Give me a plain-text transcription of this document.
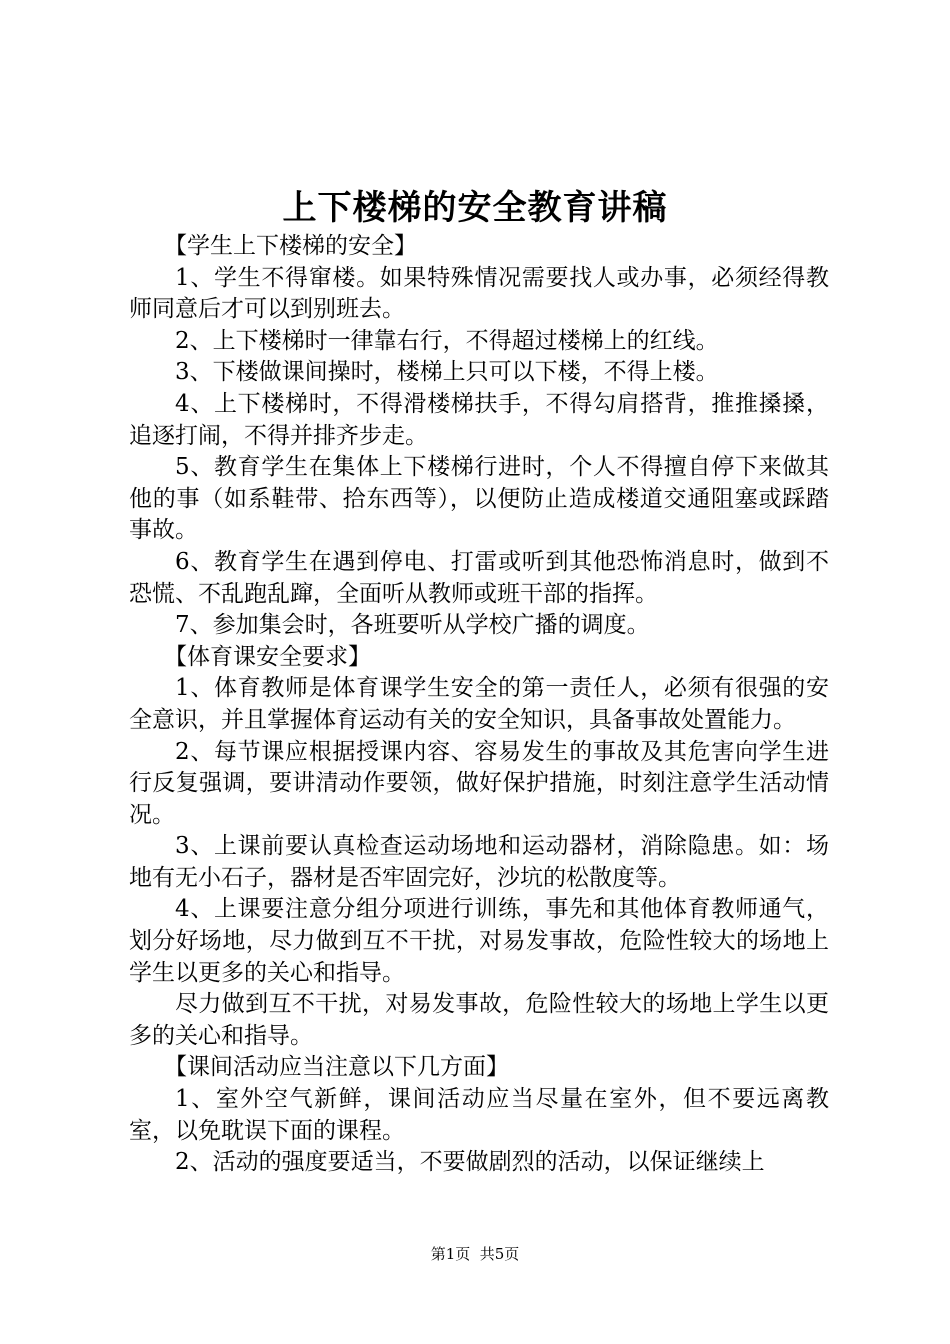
上下楼梯的安全教育讲稿

【学生上下楼梯的安全】

1、学生不得窜楼。如果特殊情况需要找人或办事，必须经得教师同意后才可以到别班去。

2、上下楼梯时一律靠右行，不得超过楼梯上的红线。

3、下楼做课间操时，楼梯上只可以下楼，不得上楼。

4、上下楼梯时，不得滑楼梯扶手，不得勾肩搭背，推推搡搡，追逐打闹，不得并排齐步走。

5、教育学生在集体上下楼梯行进时，个人不得擅自停下来做其他的事（如系鞋带、拾东西等），以便防止造成楼道交通阻塞或踩踏事故。

6、教育学生在遇到停电、打雷或听到其他恐怖消息时，做到不恐慌、不乱跑乱蹿，全面听从教师或班干部的指挥。

7、参加集会时，各班要听从学校广播的调度。

【体育课安全要求】

1、体育教师是体育课学生安全的第一责任人，必须有很强的安全意识，并且掌握体育运动有关的安全知识，具备事故处置能力。

2、每节课应根据授课内容、容易发生的事故及其危害向学生进行反复强调，要讲清动作要领，做好保护措施，时刻注意学生活动情况。

3、上课前要认真检查运动场地和运动器材，消除隐患。如：场地有无小石子，器材是否牢固完好，沙坑的松散度等。

4、上课要注意分组分项进行训练，事先和其他体育教师通气，划分好场地，尽力做到互不干扰，对易发事故，危险性较大的场地上学生以更多的关心和指导。

尽力做到互不干扰，对易发事故，危险性较大的场地上学生以更多的关心和指导。

【课间活动应当注意以下几方面】

1、室外空气新鲜，课间活动应当尽量在室外，但不要远离教室，以免耽误下面的课程。

2、活动的强度要适当，不要做剧烈的活动，以保证继续上

第1页  共5页
